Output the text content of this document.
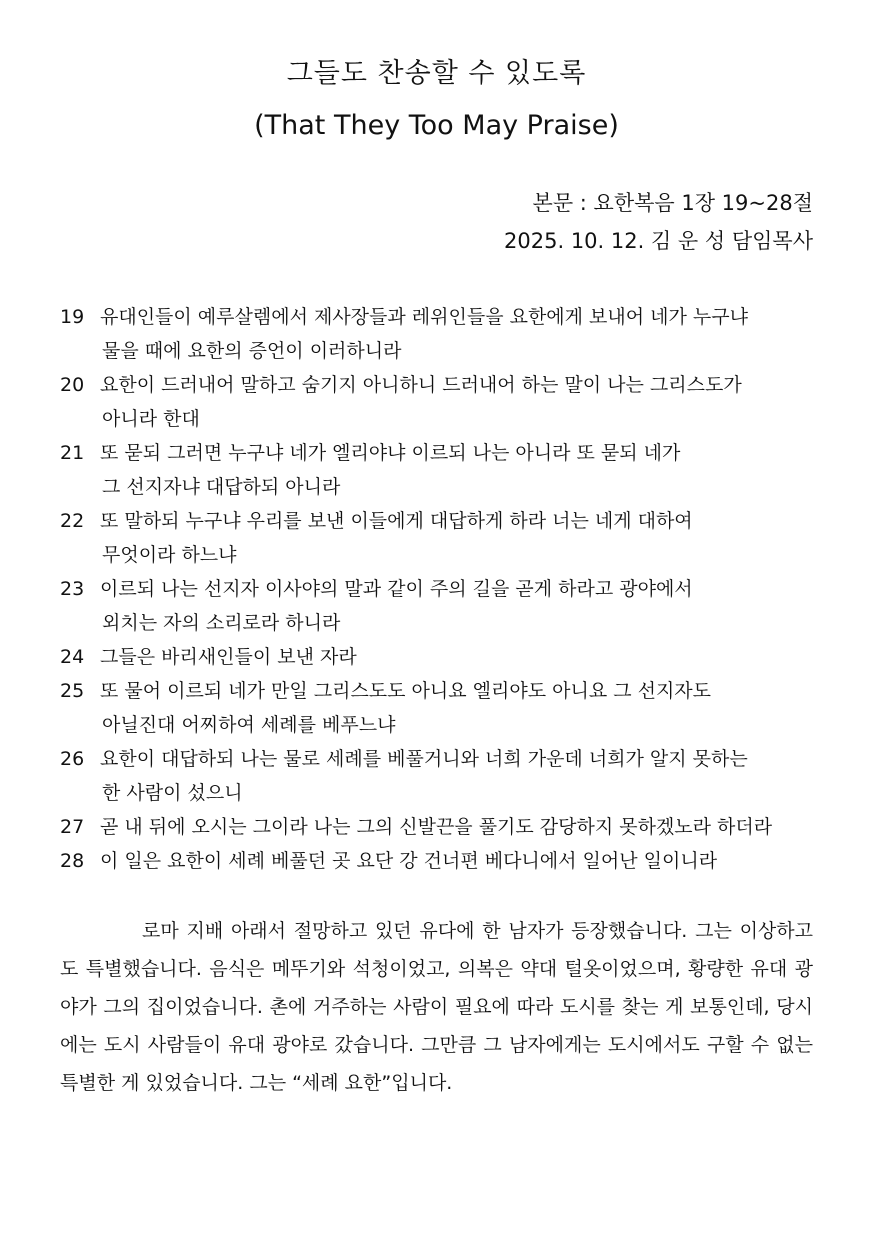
그들도 찬송할 수 있도록
(That They Too May Praise)
본문 : 요한복음 1장 19~28절
2025. 10. 12. 김 운 성 담임목사
19 유대인들이 예루살렘에서 제사장들과 레위인들을 요한에게 보내어 네가 누구냐
물을 때에 요한의 증언이 이러하니라
20 요한이 드러내어 말하고 숨기지 아니하니 드러내어 하는 말이 나는 그리스도가
아니라 한대
21 또 묻되 그러면 누구냐 네가 엘리야냐 이르되 나는 아니라 또 묻되 네가
그 선지자냐 대답하되 아니라
22 또 말하되 누구냐 우리를 보낸 이들에게 대답하게 하라 너는 네게 대하여
무엇이라 하느냐
23 이르되 나는 선지자 이사야의 말과 같이 주의 길을 곧게 하라고 광야에서
외치는 자의 소리로라 하니라
24 그들은 바리새인들이 보낸 자라
25 또 물어 이르되 네가 만일 그리스도도 아니요 엘리야도 아니요 그 선지자도
아닐진대 어찌하여 세례를 베푸느냐
26 요한이 대답하되 나는 물로 세례를 베풀거니와 너희 가운데 너희가 알지 못하는
한 사람이 섰으니
27 곧 내 뒤에 오시는 그이라 나는 그의 신발끈을 풀기도 감당하지 못하겠노라 하더라
28 이 일은 요한이 세례 베풀던 곳 요단 강 건너편 베다니에서 일어난 일이니라
로마 지배 아래서 절망하고 있던 유다에 한 남자가 등장했습니다. 그는 이상하고도 특별했습니다. 음식은 메뚜기와 석청이었고, 의복은 약대 털옷이었으며, 황량한 유대 광야가 그의 집이었습니다. 촌에 거주하는 사람이 필요에 따라 도시를 찾는 게 보통인데, 당시에는 도시 사람들이 유대 광야로 갔습니다. 그만큼 그 남자에게는 도시에서도 구할 수 없는 특별한 게 있었습니다. 그는 “세례 요한”입니다.
